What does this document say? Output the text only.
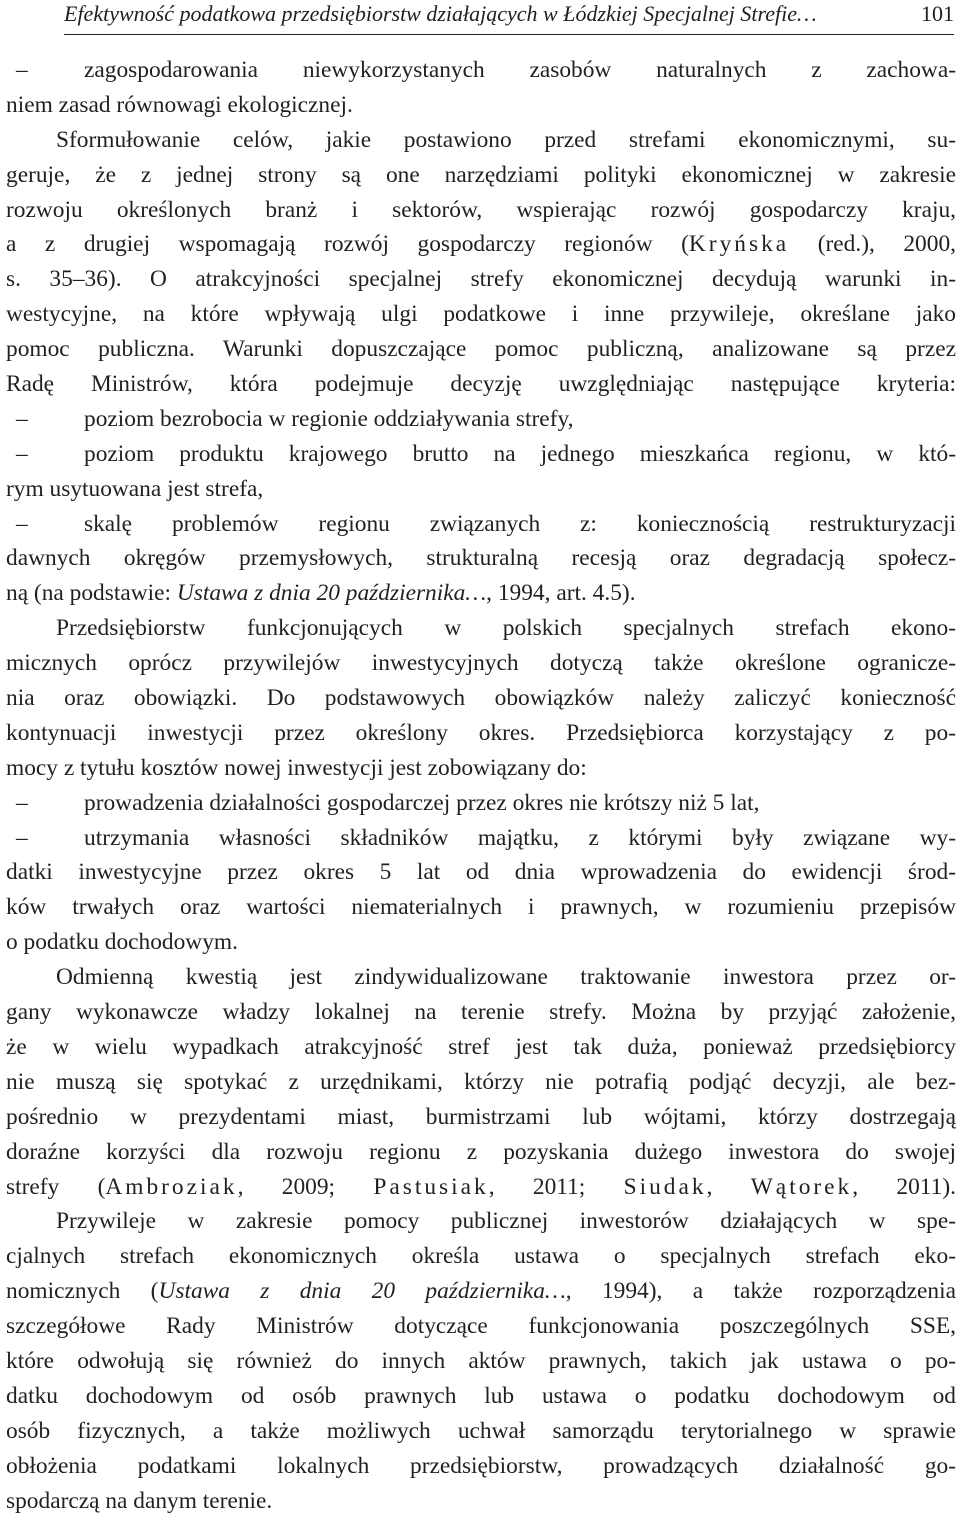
Efektywność podatkowa przedsiębiorstw działających w Łódzkiej Specjalnej Strefie…	101
– zagospodarowania niewykorzystanych zasobów naturalnych z zachowa-
niem zasad równowagi ekologicznej.
Sformułowanie celów, jakie postawiono przed strefami ekonomicznymi, su-
geruje, że z jednej strony są one narzędziami polityki ekonomicznej w zakresie
rozwoju określonych branż i sektorów, wspierając rozwój gospodarczy kraju,
a z drugiej wspomagają rozwój gospodarczy regionów (Kryńska (red.), 2000,
s. 35–36). O atrakcyjności specjalnej strefy ekonomicznej decydują warunki in-
westycyjne, na które wpływają ulgi podatkowe i inne przywileje, określane jako
pomoc publiczna. Warunki dopuszczające pomoc publiczną, analizowane są przez
Radę Ministrów, która podejmuje decyzję uwzględniając następujące kryteria:
– poziom bezrobocia w regionie oddziaływania strefy,
– poziom produktu krajowego brutto na jednego mieszkańca regionu, w któ-
rym usytuowana jest strefa,
– skalę problemów regionu związanych z: koniecznością restrukturyzacji
dawnych okręgów przemysłowych, strukturalną recesją oraz degradacją społecz-
ną (na podstawie: Ustawa z dnia 20 października…, 1994, art. 4.5).
Przedsiębiorstw funkcjonujących w polskich specjalnych strefach ekono-
micznych oprócz przywilejów inwestycyjnych dotyczą także określone ogranicze-
nia oraz obowiązki. Do podstawowych obowiązków należy zaliczyć konieczność
kontynuacji inwestycji przez określony okres. Przedsiębiorca korzystający z po-
mocy z tytułu kosztów nowej inwestycji jest zobowiązany do:
– prowadzenia działalności gospodarczej przez okres nie krótszy niż 5 lat,
– utrzymania własności składników majątku, z którymi były związane wy-
datki inwestycyjne przez okres 5 lat od dnia wprowadzenia do ewidencji środ-
ków trwałych oraz wartości niematerialnych i prawnych, w rozumieniu przepisów
o podatku dochodowym.
Odmienną kwestią jest zindywidualizowane traktowanie inwestora przez or-
gany wykonawcze władzy lokalnej na terenie strefy. Można by przyjąć założenie,
że w wielu wypadkach atrakcyjność stref jest tak duża, ponieważ przedsiębiorcy
nie muszą się spotykać z urzędnikami, którzy nie potrafią podjąć decyzji, ale bez-
pośrednio w prezydentami miast, burmistrzami lub wójtami, którzy dostrzegają
doraźne korzyści dla rozwoju regionu z pozyskania dużego inwestora do swojej
strefy (Ambroziak, 2009; Pastusiak, 2011; Siudak, Wątorek, 2011).
Przywileje w zakresie pomocy publicznej inwestorów działających w spe-
cjalnych strefach ekonomicznych określa ustawa o specjalnych strefach eko-
nomicznych (Ustawa z dnia 20 października…, 1994), a także rozporządzenia
szczegółowe Rady Ministrów dotyczące funkcjonowania poszczególnych SSE,
które odwołują się również do innych aktów prawnych, takich jak ustawa o po-
datku dochodowym od osób prawnych lub ustawa o podatku dochodowym od
osób fizycznych, a także możliwych uchwał samorządu terytorialnego w sprawie
obłożenia podatkami lokalnych przedsiębiorstw, prowadzących działalność go-
spodarczą na danym terenie.
